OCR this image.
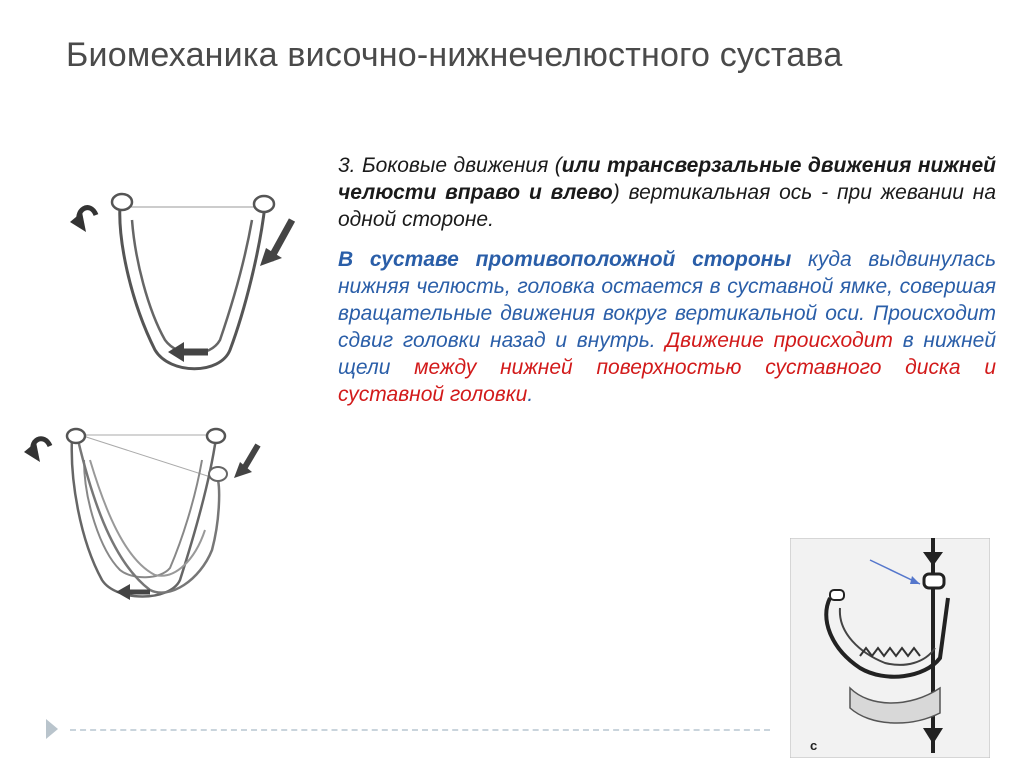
Биомеханика височно-нижнечелюстного сустава

3. Боковые движения (или трансверзальные движения нижней челюсти вправо и влево) вертикальная ось - при жевании на одной стороне.

В суставе противоположной стороны куда выдвинулась нижняя челюсть, головка остается в суставной ямке, совершая вращательные движения вокруг вертикальной оси. Происходит сдвиг головки назад и внутрь. Движение происходит в нижней щели между нижней поверхностью суставного диска и суставной головки.

с
